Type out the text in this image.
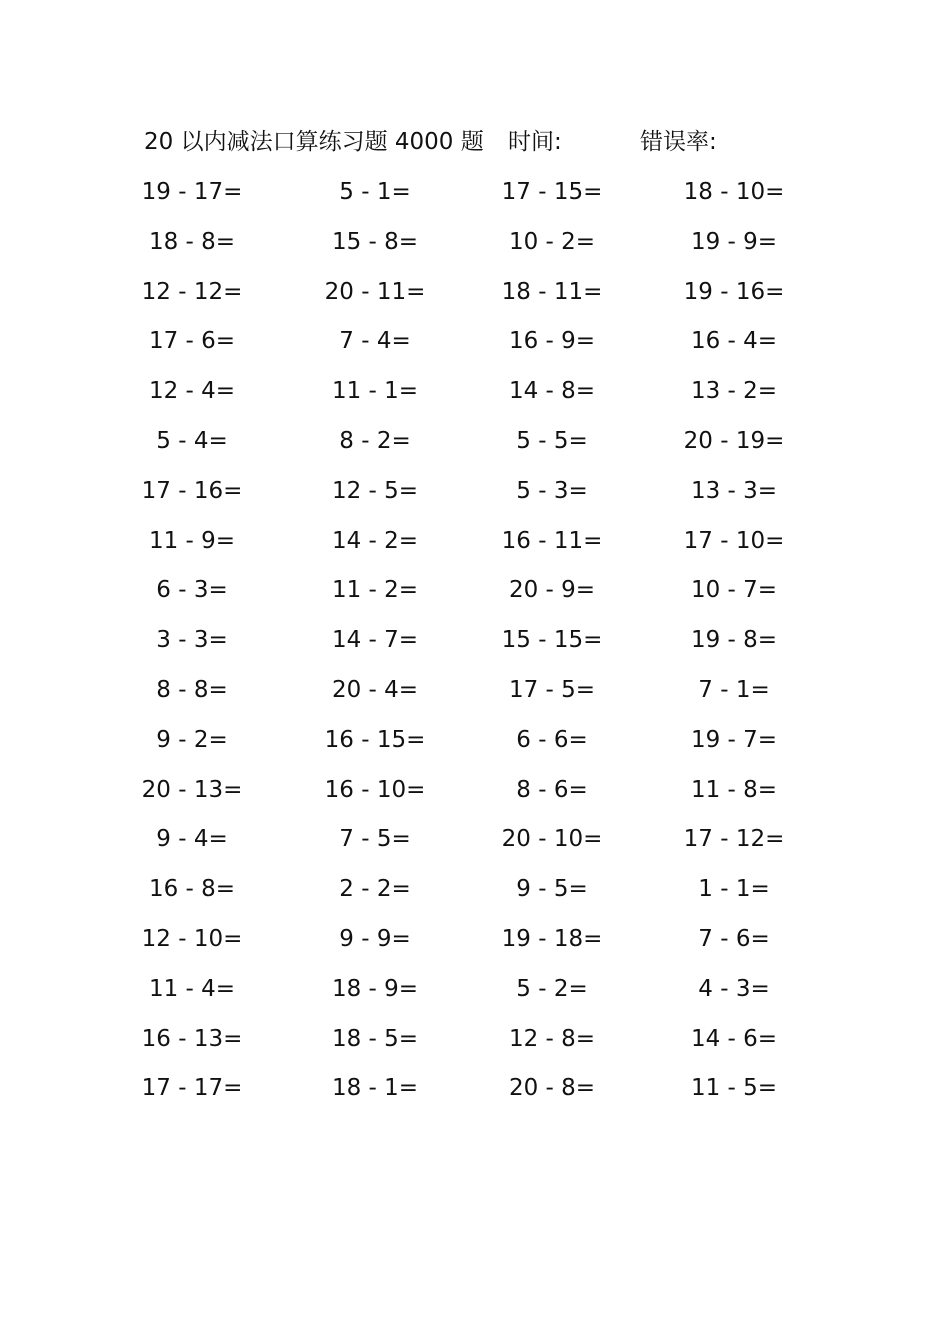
20 以内减法口算练习题 4000 题 时间:	错误率:
19 - 17=	5 - 1=	17 - 15=	18 - 10=
18 - 8=	15 - 8=	10 - 2=	19 - 9=
12 - 12=	20 - 11=	18 - 11=	19 - 16=
17 - 6=	7 - 4=	16 - 9=	16 - 4=
12 - 4=	11 - 1=	14 - 8=	13 - 2=
5 - 4=	8 - 2=	5 - 5=	20 - 19=
17 - 16=	12 - 5=	5 - 3=	13 - 3=
11 - 9=	14 - 2=	16 - 11=	17 - 10=
6 - 3=	11 - 2=	20 - 9=	10 - 7=
3 - 3=	14 - 7=	15 - 15=	19 - 8=
8 - 8=	20 - 4=	17 - 5=	7 - 1=
9 - 2=	16 - 15=	6 - 6=	19 - 7=
20 - 13=	16 - 10=	8 - 6=	11 - 8=
9 - 4=	7 - 5=	20 - 10=	17 - 12=
16 - 8=	2 - 2=	9 - 5=	1 - 1=
12 - 10=	9 - 9=	19 - 18=	7 - 6=
11 - 4=	18 - 9=	5 - 2=	4 - 3=
16 - 13=	18 - 5=	12 - 8=	14 - 6=
17 - 17=	18 - 1=	20 - 8=	11 - 5=
